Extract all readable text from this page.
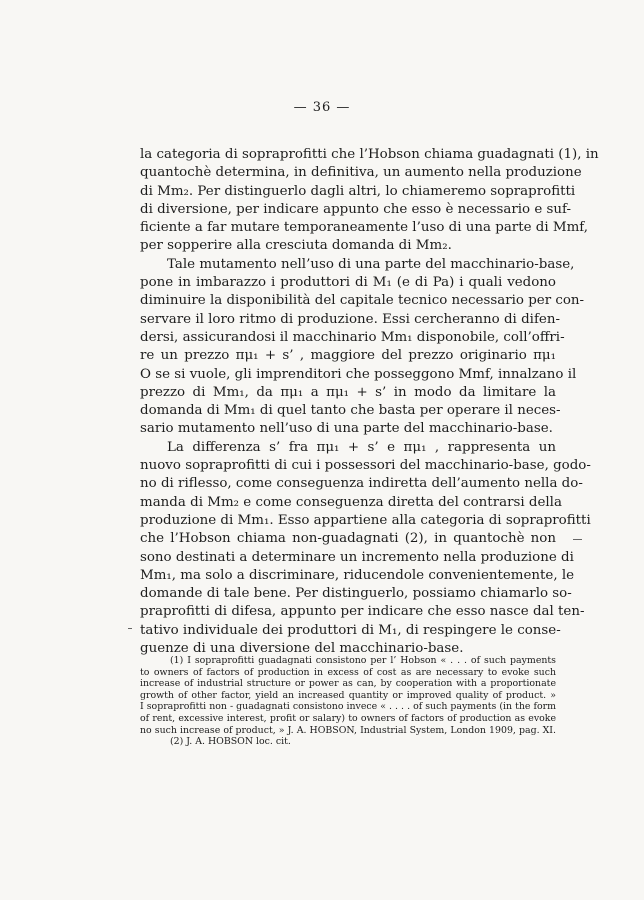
— 36 —
la categoria di sopraprofitti che l’Hobson chiama guadagnati (1), in
quantochè determina, in definitiva, un aumento nella produzione
di Mm₂. Per distinguerlo dagli altri, lo chiameremo sopraprofitti
di diversione, per indicare appunto che esso è necessario e suf-
ficiente a far mutare temporaneamente l’uso di una parte di Mmf,
per sopperire alla cresciuta domanda di Mm₂.
Tale mutamento nell’uso di una parte del macchinario-base,
pone in imbarazzo i produttori di M₁ (e di Pa) i quali vedono
diminuire la disponibilità del capitale tecnico necessario per con-
servare il loro ritmo di produzione. Essi cercheranno di difen-
dersi, assicurandosi il macchinario Mm₁ disponobile, coll’offri-
re un prezzo πμ₁ + s’ , maggiore del prezzo originario πμ₁
O se si vuole, gli imprenditori che posseggono Mmf, innalzano il
prezzo di Mm₁, da πμ₁ a πμ₁ + s’ in modo da limitare la
domanda di Mm₁ di quel tanto che basta per operare il neces-
sario mutamento nell’uso di una parte del macchinario-base.
La differenza s’ fra πμ₁ + s’ e πμ₁ , rappresenta un
nuovo sopraprofitti di cui i possessori del macchinario-base, godo-
no di riflesso, come conseguenza indiretta dell’aumento nella do-
manda di Mm₂ e come conseguenza diretta del contrarsi della
produzione di Mm₁. Esso appartiene alla categoria di sopraprofitti
che l’Hobson chiama non-guadagnati (2), in quantochè non
sono destinati a determinare un incremento nella produzione di
Mm₁, ma solo a discriminare, riducendole convenientemente, le
domande di tale bene. Per distinguerlo, possiamo chiamarlo so-
praprofitti di difesa, appunto per indicare che esso nasce dal ten-
tativo individuale dei produttori di M₁, di respingere le conse-
guenze di una diversione del macchinario-base.
(1) I sopraprofitti guadagnati consistono per l’ Hobson « . . . of such payments
to owners of factors of production in excess of cost as are necessary to evoke such
increase of industrial structure or power as can, by cooperation with a proportionate
growth of other factor, yield an increased quantity or improved quality of product. »
I sopraprofitti non - guadagnati consistono invece « . . . . of such payments (in the form
of rent, excessive interest, profit or salary) to owners of factors of production as evoke
no such increase of product, » J. A. HOBSON, Industrial System, London 1909, pag. XI.
(2) J. A. HOBSON loc. cit.
